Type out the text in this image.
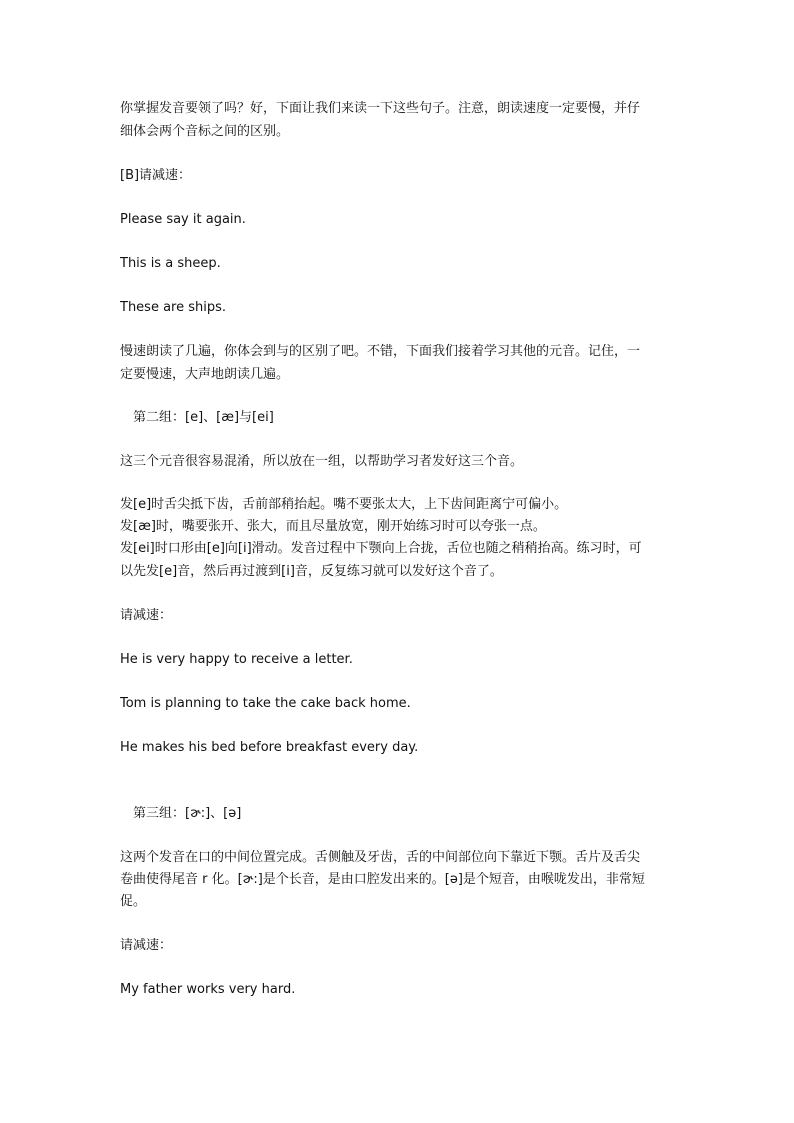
你掌握发音要领了吗？好，下面让我们来读一下这些句子。注意，朗读速度一定要慢，并仔
细体会两个音标之间的区别。
[B]请减速：
Please say it again.
This is a sheep.
These are ships.
慢速朗读了几遍，你体会到与的区别了吧。不错，下面我们接着学习其他的元音。记住，一
定要慢速，大声地朗读几遍。
第二组：[e]、[æ]与[ei]
这三个元音很容易混淆，所以放在一组，以帮助学习者发好这三个音。
发[e]时舌尖抵下齿，舌前部稍抬起。嘴不要张太大，上下齿间距离宁可偏小。
发[æ]时，嘴要张开、张大，而且尽量放宽，刚开始练习时可以夸张一点。
发[ei]时口形由[e]向[i]滑动。发音过程中下颚向上合拢，舌位也随之稍稍抬高。练习时，可
以先发[e]音，然后再过渡到[i]音，反复练习就可以发好这个音了。
请减速：
He is very happy to receive a letter.
Tom is planning to take the cake back home.
He makes his bed before breakfast every day.
第三组：[ɚ:]、[ə]
这两个发音在口的中间位置完成。舌侧触及牙齿，舌的中间部位向下靠近下颚。舌片及舌尖
卷曲使得尾音 r 化。[ɚ:]是个长音，是由口腔发出来的。[ə]是个短音，由喉咙发出，非常短
促。
请减速：
My father works very hard.
